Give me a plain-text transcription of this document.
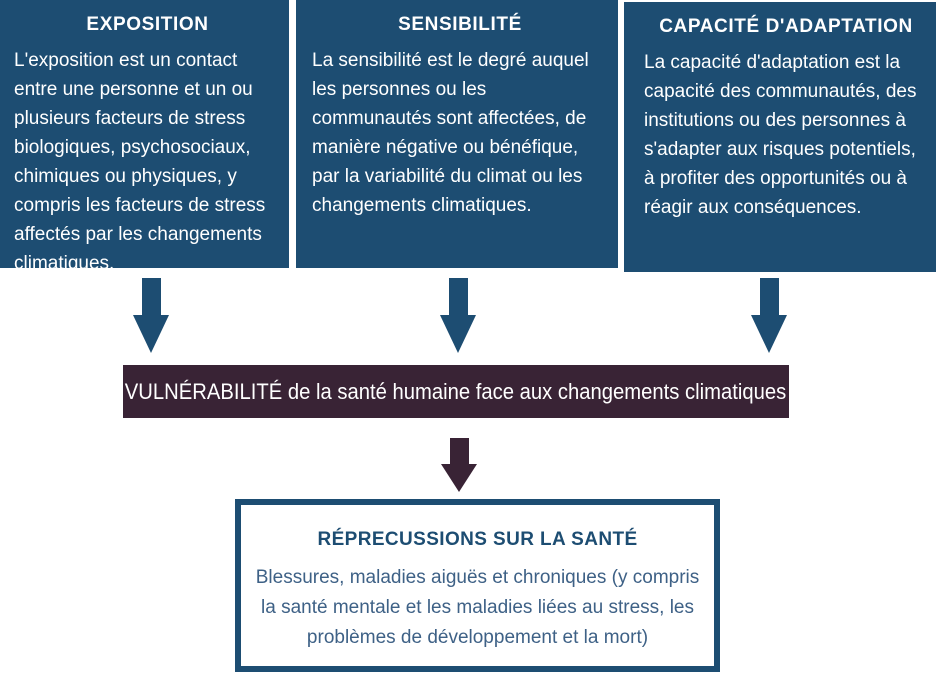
EXPOSITION
L'exposition est un contact entre une personne et un ou plusieurs facteurs de stress biologiques, psychosociaux, chimiques ou physiques, y compris les facteurs de stress affectés par les changements climatiques.
SENSIBILITÉ
La sensibilité est le degré auquel les personnes ou les communautés sont affectées, de manière négative ou bénéfique, par la variabilité du climat ou les changements climatiques.
CAPACITÉ D'ADAPTATION
La capacité d'adaptation est la capacité des communautés, des institutions ou des personnes à s'adapter aux risques potentiels, à profiter des opportunités ou à réagir aux conséquences.
VULNÉRABILITÉ de la santé humaine face aux changements climatiques
RÉPRECUSSIONS SUR LA SANTÉ
Blessures, maladies aiguës et chroniques (y compris la santé mentale et les maladies liées au stress, les problèmes de développement et la mort)
